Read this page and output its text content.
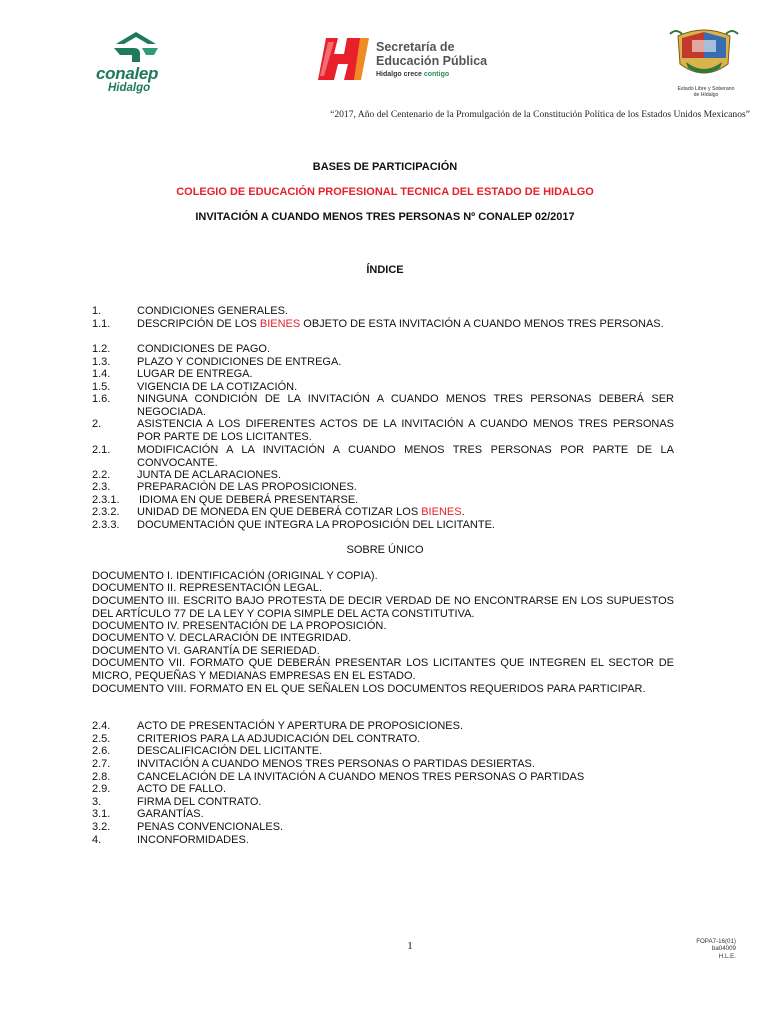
conalep
Hidalgo
Secretaría de
Educación Pública
Hidalgo crece contigo
Estado Libre y Soberano
de Hidalgo
“2017, Año del Centenario de la Promulgación de la Constitución Política de los Estados Unidos Mexicanos”
BASES DE PARTICIPACIÓN
COLEGIO DE EDUCACIÓN PROFESIONAL TECNICA DEL ESTADO DE HIDALGO
INVITACIÓN A CUANDO MENOS TRES PERSONAS Nº CONALEP 02/2017
ÍNDICE
1.	CONDICIONES GENERALES.
1.1. DESCRIPCIÓN DE LOS BIENES OBJETO DE ESTA INVITACIÓN A CUANDO MENOS TRES PERSONAS.
1.2. CONDICIONES DE PAGO.
1.3. PLAZO Y CONDICIONES DE ENTREGA.
1.4. LUGAR DE ENTREGA.
1.5. VIGENCIA DE LA COTIZACIÓN.
1.6. NINGUNA CONDICIÓN DE LA INVITACIÓN A CUANDO MENOS TRES PERSONAS DEBERÁ SER NEGOCIADA.
2.	ASISTENCIA A LOS DIFERENTES ACTOS DE LA INVITACIÓN A CUANDO MENOS TRES PERSONAS POR PARTE DE LOS LICITANTES.
2.1. MODIFICACIÓN A LA INVITACIÓN A CUANDO MENOS TRES PERSONAS POR PARTE DE LA CONVOCANTE.
2.2. JUNTA DE ACLARACIONES.
2.3. PREPARACIÓN DE LAS PROPOSICIONES.
2.3.1. IDIOMA EN QUE DEBERÁ PRESENTARSE.
2.3.2. UNIDAD DE MONEDA EN QUE DEBERÁ COTIZAR LOS BIENES.
2.3.3. DOCUMENTACIÓN QUE INTEGRA LA PROPOSICIÓN DEL LICITANTE.
SOBRE ÚNICO
DOCUMENTO I. IDENTIFICACIÓN (ORIGINAL Y COPIA).
DOCUMENTO II. REPRESENTACIÓN LEGAL.
DOCUMENTO III. ESCRITO BAJO PROTESTA DE DECIR VERDAD DE NO ENCONTRARSE EN LOS SUPUESTOS DEL ARTÍCULO 77 DE LA LEY Y COPIA SIMPLE DEL ACTA CONSTITUTIVA.
DOCUMENTO IV. PRESENTACIÓN DE LA PROPOSICIÓN.
DOCUMENTO V. DECLARACIÓN DE INTEGRIDAD.
DOCUMENTO VI. GARANTÍA DE SERIEDAD.
DOCUMENTO VII. FORMATO QUE DEBERÁN PRESENTAR LOS LICITANTES QUE INTEGREN EL SECTOR DE MICRO, PEQUEÑAS Y MEDIANAS EMPRESAS EN EL ESTADO.
DOCUMENTO VIII. FORMATO EN EL QUE SEÑALEN LOS DOCUMENTOS REQUERIDOS PARA PARTICIPAR.
2.4. ACTO DE PRESENTACIÓN Y APERTURA DE PROPOSICIONES.
2.5. CRITERIOS PARA LA ADJUDICACIÓN DEL CONTRATO.
2.6. DESCALIFICACIÓN DEL LICITANTE.
2.7. INVITACIÓN A CUANDO MENOS TRES PERSONAS O PARTIDAS DESIERTAS.
2.8. CANCELACIÓN DE LA INVITACIÓN A CUANDO MENOS TRES PERSONAS O PARTIDAS
2.9. ACTO DE FALLO.
3.	FIRMA DEL CONTRATO.
3.1. GARANTÍAS.
3.2. PENAS CONVENCIONALES.
4.	INCONFORMIDADES.
1	FOPA7-16(01)
ba04009
H.L.E.
